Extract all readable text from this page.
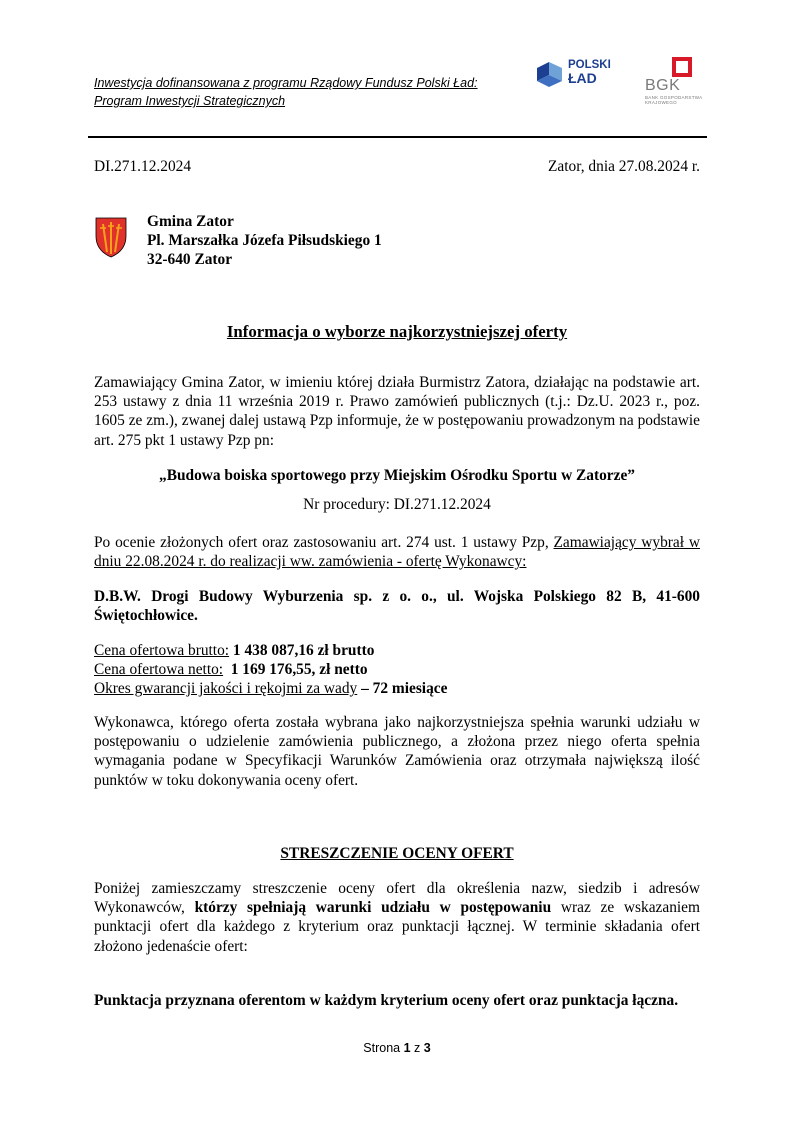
Inwestycja dofinansowana z programu Rządowy Fundusz Polski Ład:
Program Inwestycji Strategicznych
POLSKI
ŁAD	BGK
BANK GOSPODARSTWA
KRAJOWEGO
DI.271.12.2024	Zator, dnia 27.08.2024 r.
Gmina Zator
Pl. Marszałka Józefa Piłsudskiego 1
32-640 Zator
Informacja o wyborze najkorzystniejszej oferty
Zamawiający Gmina Zator, w imieniu której działa Burmistrz Zatora, działając na podstawie art. 253 ustawy z dnia 11 września 2019 r. Prawo zamówień publicznych (t.j.: Dz.U. 2023 r., poz. 1605 ze zm.), zwanej dalej ustawą Pzp informuje, że w postępowaniu prowadzonym na podstawie art. 275 pkt 1 ustawy Pzp pn:
„Budowa boiska sportowego przy Miejskim Ośrodku Sportu w Zatorze”
Nr procedury: DI.271.12.2024
Po ocenie złożonych ofert oraz zastosowaniu art. 274 ust. 1 ustawy Pzp, Zamawiający wybrał w dniu 22.08.2024 r. do realizacji ww. zamówienia - ofertę Wykonawcy:
D.B.W. Drogi Budowy Wyburzenia sp. z o. o., ul. Wojska Polskiego 82 B, 41-600 Świętochłowice.
Cena ofertowa brutto: 1 438 087,16 zł brutto
Cena ofertowa netto:  1 169 176,55, zł netto
Okres gwarancji jakości i rękojmi za wady – 72 miesiące
Wykonawca, którego oferta została wybrana jako najkorzystniejsza spełnia warunki udziału w postępowaniu o udzielenie zamówienia publicznego, a złożona przez niego oferta spełnia wymagania podane w Specyfikacji Warunków Zamówienia oraz otrzymała największą ilość punktów w toku dokonywania oceny ofert.
STRESZCZENIE OCENY OFERT
Poniżej zamieszczamy streszczenie oceny ofert dla określenia nazw, siedzib i adresów Wykonawców, którzy spełniają warunki udziału w postępowaniu wraz ze wskazaniem punktacji ofert dla każdego z kryterium oraz punktacji łącznej. W terminie składania ofert złożono jedenaście ofert:
Punktacja przyznana oferentom w każdym kryterium oceny ofert oraz punktacja łączna.
Strona 1 z 3
